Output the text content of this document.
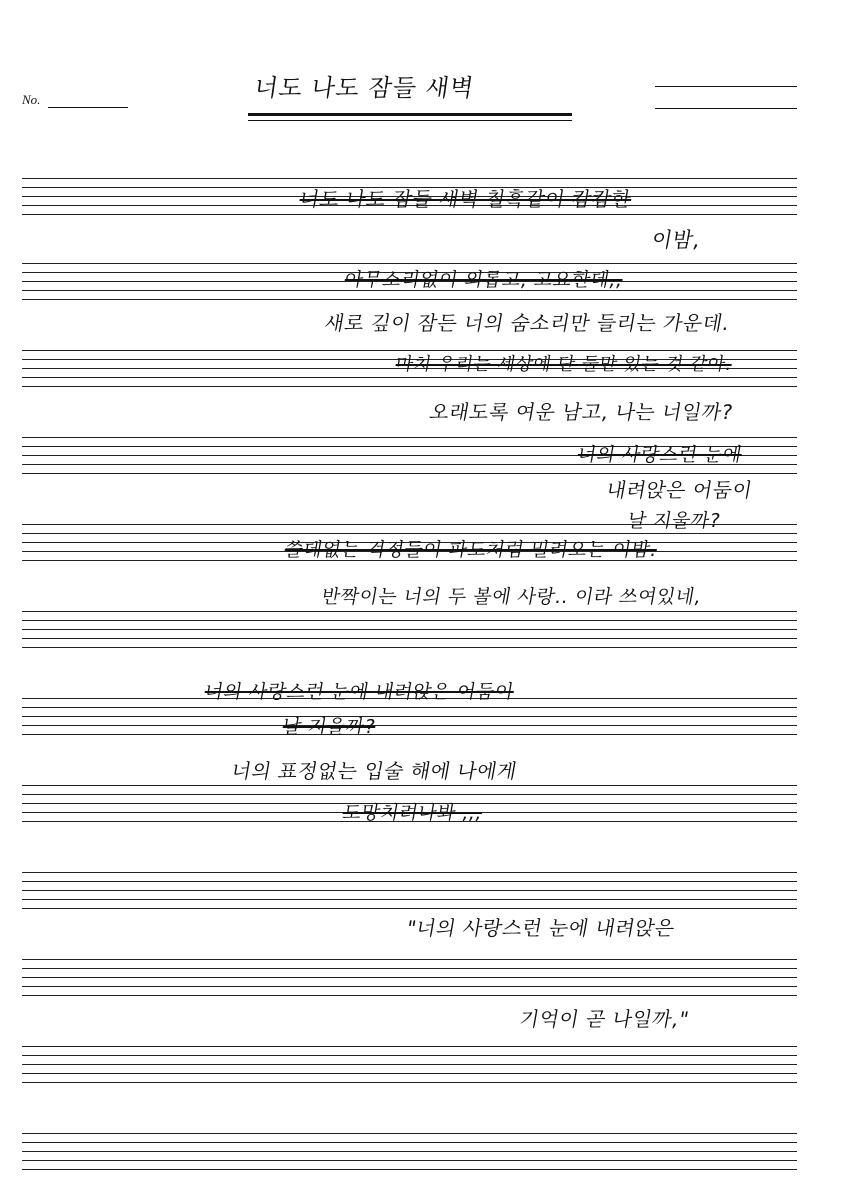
No.	너도 나도 잠들 새벽
너도 나도 잠들 새벽 칠흑같이 캄캄한
이밤,
아무소리없이 외롭고, 고요한데,,
새로 깊이 잠든 너의 숨소리만 들리는 가운데.
마치 우리는 세상에 단 둘만 있는 것 같아.
오래도록 여운 남고, 나는 너일까?
너의 사랑스런 눈에
내려앉은 어둠이
날 지울까?
쓸데없는 걱정들이 파도처럼 밀려오는 이밤.
반짝이는 너의 두 볼에 사랑.. 이라 쓰여있네,
너의 사랑스런 눈에 내려앉은 어둠이
날 지울까?
너의 표정없는 입술 해에 나에게
도망치려나봐 ,,,
"너의 사랑스런 눈에 내려앉은
기억이 곧 나일까,"
